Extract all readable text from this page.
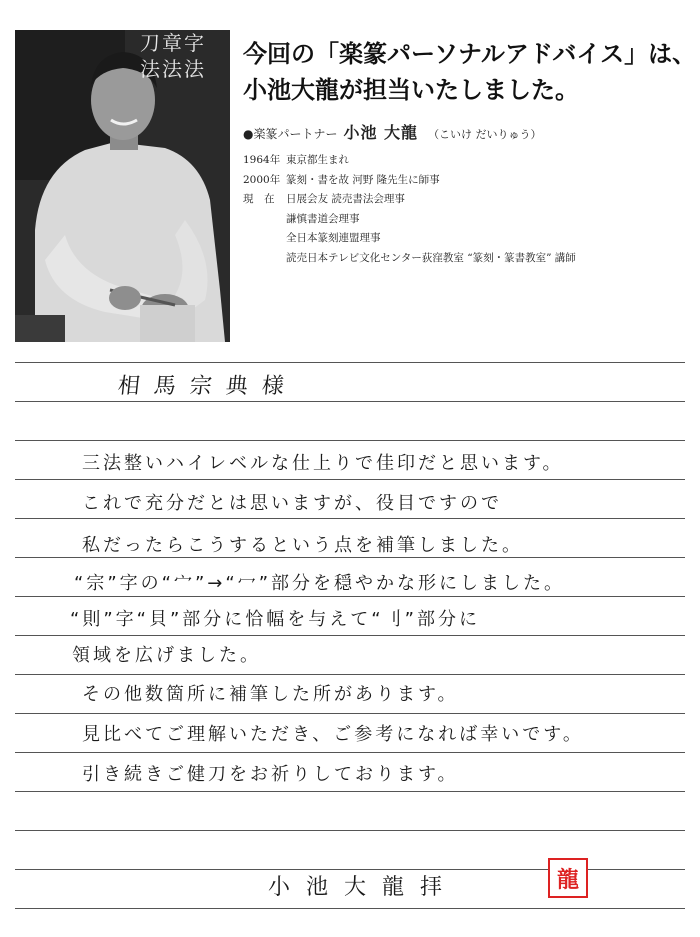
刀章字
法法法
今回の「楽篆パーソナルアドバイス」は、
小池大龍が担当いたしました。
●楽篆パートナー 小池 大龍 （こいけ だいりゅう）
1964年 東京都生まれ
2000年 篆刻・書を故 河野 隆先生に師事
現　在	日展会友 読売書法会理事
謙慎書道会理事
全日本篆刻連盟理事
読売日本テレビ文化センター荻窪教室 “篆刻・篆書教室” 講師
相馬宗典様
三法整いハイレベルな仕上りで佳印だと思います。
これで充分だとは思いますが、役目ですので
私だったらこうするという点を補筆しました。
“宗”字の“宀”→“冖”部分を穏やかな形にしました。
“則”字“貝”部分に恰幅を与えて“刂”部分に
領域を広げました。
その他数箇所に補筆した所があります。
見比べてご理解いただき、ご参考になれば幸いです。
引き続きご健刀をお祈りしております。
小池大龍拝	龍
